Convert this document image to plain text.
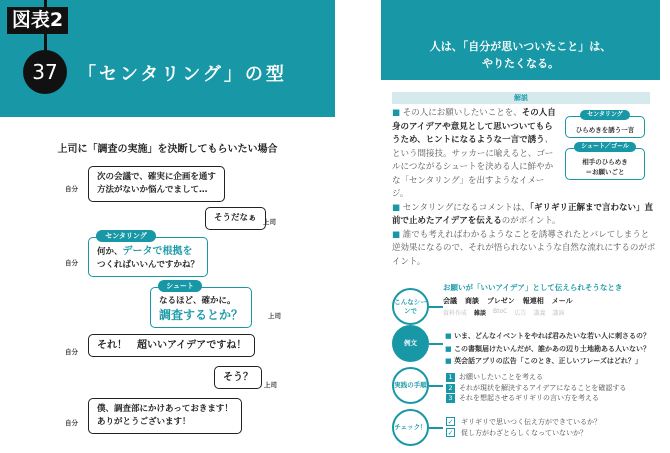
図表2
37	「センタリング」の型
上司に「調査の実施」を決断してもらいたい場合
自分
次の会議で、確実に企画を通す
方法がないか悩んでまして…
そうだなぁ 上司
自分
何か、データで根拠を
つくればいいんですかね？
センタリング
なるほど、確かに。
調査するとか？
シュート
上司
自分
それ！　超いいアイデアですね！
そう？
上司
自分
僕、調査部にかけあっておきます！
ありがとうございます！
人は、「自分が思いついたこと」は、
やりたくなる。
解説
■ その人にお願いしたいことを、その人自身のアイデアや意見として思いついてもらうため、ヒントになるような一言で誘う、という間接技。サッカーに喩えると、ゴールにつながるシュートを決める人に鮮やかな「センタリング」を出すようなイメージ。
■ センタリングになるコメントは、「ギリギリ正解まで言わない」直前で止めたアイデアを伝えるのがポイント。
■ 誰でも考えればわかるようなことを誘導されたとバレてしまうと逆効果になるので、それが悟られないような自然な流れにするのがポイント。
ひらめきを誘う一言
センタリング
相手のひらめき
＝お願いごと
シュート／ゴール
こんなシーンで
お願いが「いいアイデア」として伝えられそうなとき
会議 商談 プレゼン 報連相 メール
資料作成 雑談 BtoC 広告 講義 講演
例文
■ いま、どんなイベントをやれば君みたいな若い人に刺さるの？
■ この書類届けたいんだが、誰かあの辺り土地勘ある人いない？
■ 英会話アプリの広告「このとき、正しいフレーズはどれ？」
実践の手順
1 お願いしたいことを考える
2 それが現状を解決するアイデアになることを確認する
3 それを想起させるギリギリの言い方を考える
チェック！
✓ ギリギリで思いつく伝え方ができているか？
✓ 促し方がわざとらしくなっていないか？
